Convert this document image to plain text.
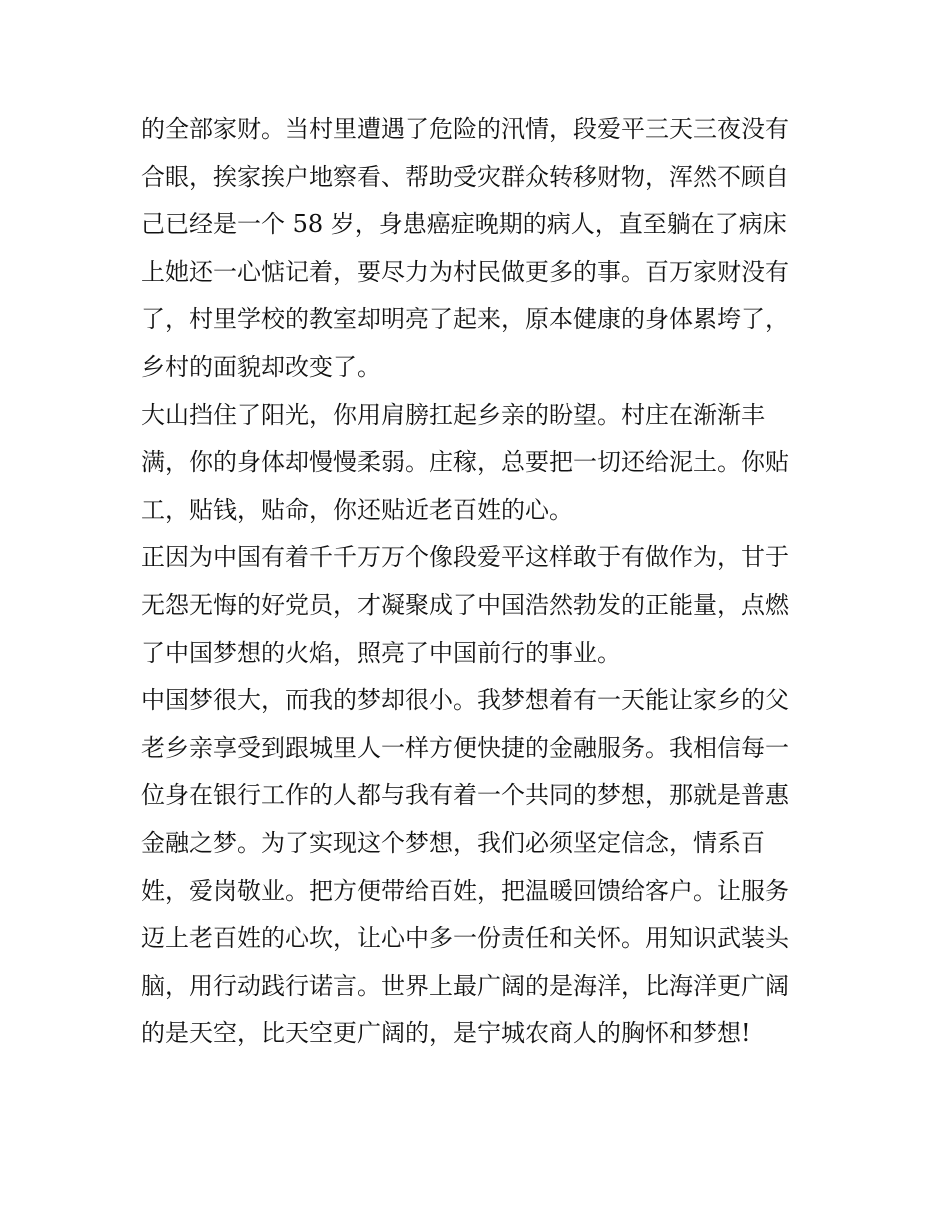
的全部家财。当村里遭遇了危险的汛情，段爱平三天三夜没有
合眼，挨家挨户地察看、帮助受灾群众转移财物，浑然不顾自
己已经是一个 58 岁，身患癌症晚期的病人，直至躺在了病床
上她还一心惦记着，要尽力为村民做更多的事。百万家财没有
了，村里学校的教室却明亮了起来，原本健康的身体累垮了，
乡村的面貌却改变了。
大山挡住了阳光，你用肩膀扛起乡亲的盼望。村庄在渐渐丰
满，你的身体却慢慢柔弱。庄稼，总要把一切还给泥土。你贴
工，贴钱，贴命，你还贴近老百姓的心。
正因为中国有着千千万万个像段爱平这样敢于有做作为，甘于
无怨无悔的好党员，才凝聚成了中国浩然勃发的正能量，点燃
了中国梦想的火焰，照亮了中国前行的事业。
中国梦很大，而我的梦却很小。我梦想着有一天能让家乡的父
老乡亲享受到跟城里人一样方便快捷的金融服务。我相信每一
位身在银行工作的人都与我有着一个共同的梦想，那就是普惠
金融之梦。为了实现这个梦想，我们必须坚定信念，情系百
姓，爱岗敬业。把方便带给百姓，把温暖回馈给客户。让服务
迈上老百姓的心坎，让心中多一份责任和关怀。用知识武装头
脑，用行动践行诺言。世界上最广阔的是海洋，比海洋更广阔
的是天空，比天空更广阔的，是宁城农商人的胸怀和梦想!
